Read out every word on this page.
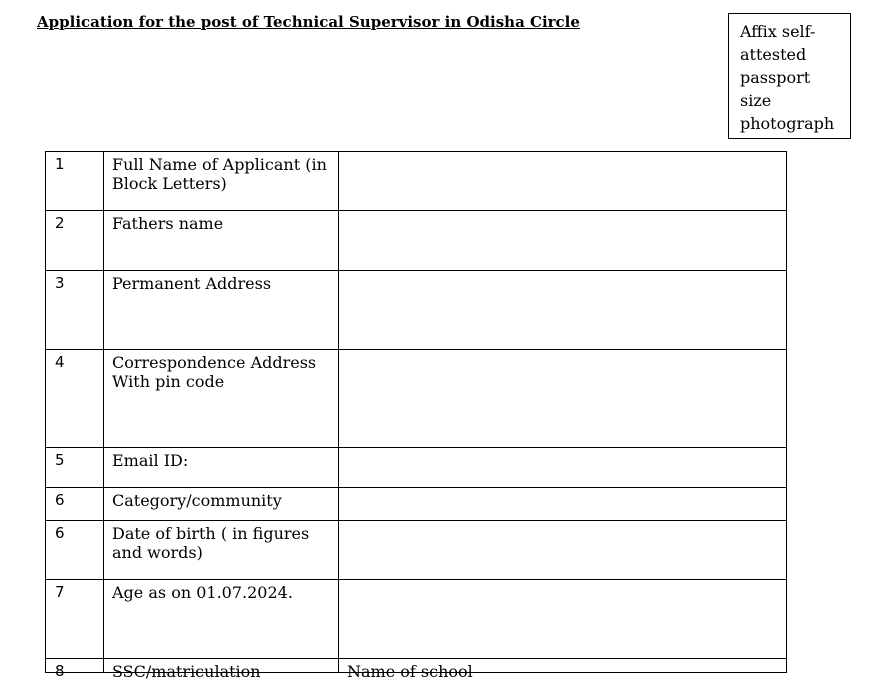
Application for the post of Technical Supervisor in Odisha Circle	Affix self-
attested
passport
size
photograph
1	Full Name of Applicant (in
Block Letters)	

2	Fathers name	

3	Permanent Address	

4	Correspondence Address
With pin code	

5	Email ID:	

6	Category/community	

6	Date of birth ( in figures
and words)	

7	Age as on 01.07.2024.	

8	SSC/matriculation	Name of school
